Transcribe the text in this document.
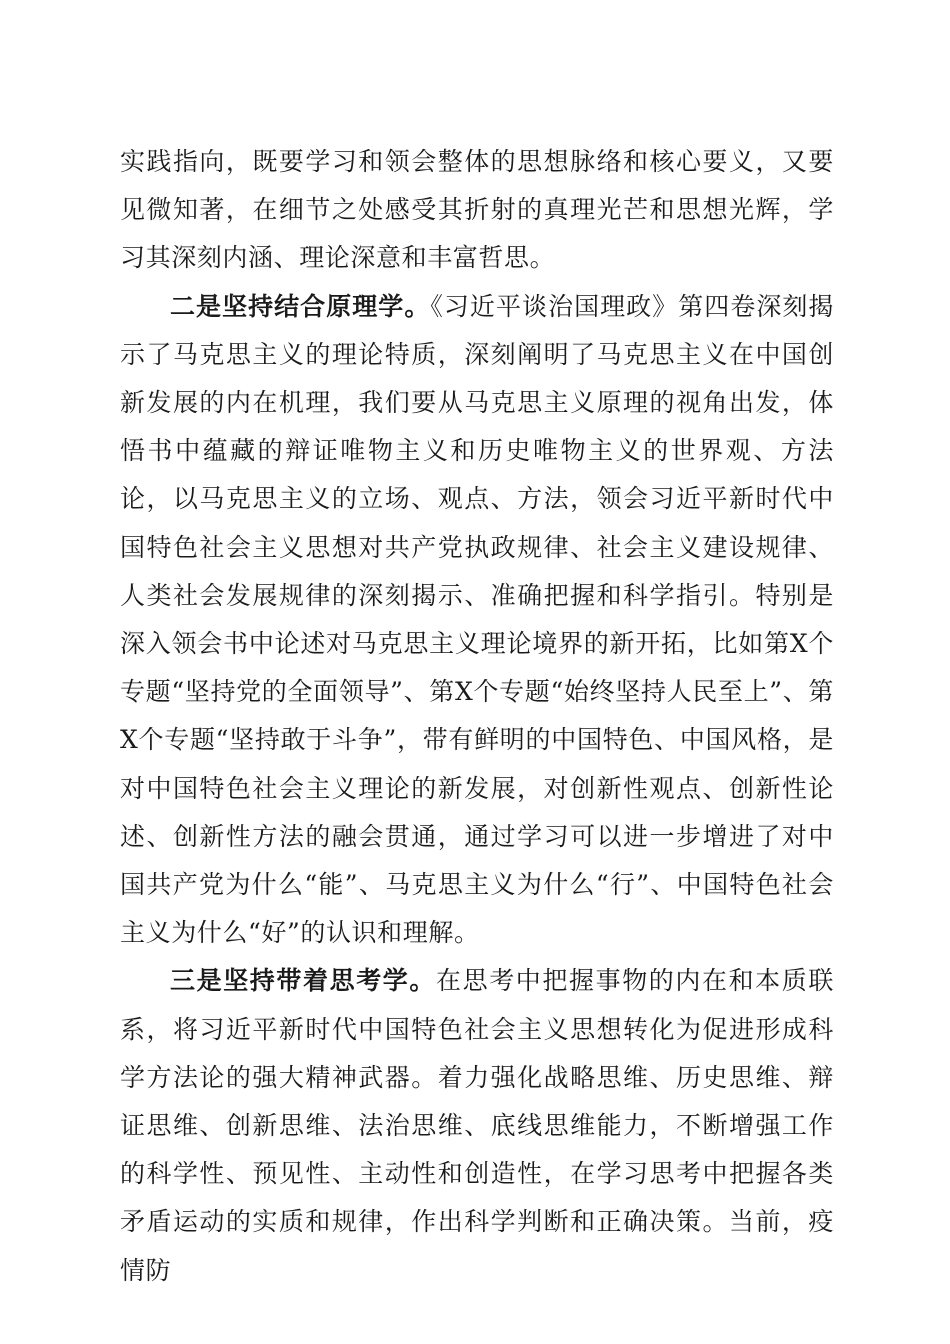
实践指向，既要学习和领会整体的思想脉络和核心要义，又要见微知著，在细节之处感受其折射的真理光芒和思想光辉，学习其深刻内涵、理论深意和丰富哲思。

二是坚持结合原理学。《习近平谈治国理政》第四卷深刻揭示了马克思主义的理论特质，深刻阐明了马克思主义在中国创新发展的内在机理，我们要从马克思主义原理的视角出发，体悟书中蕴藏的辩证唯物主义和历史唯物主义的世界观、方法论，以马克思主义的立场、观点、方法，领会习近平新时代中国特色社会主义思想对共产党执政规律、社会主义建设规律、人类社会发展规律的深刻揭示、准确把握和科学指引。特别是深入领会书中论述对马克思主义理论境界的新开拓，比如第X个专题“坚持党的全面领导”、第X个专题“始终坚持人民至上”、第X个专题“坚持敢于斗争”，带有鲜明的中国特色、中国风格，是对中国特色社会主义理论的新发展，对创新性观点、创新性论述、创新性方法的融会贯通，通过学习可以进一步增进了对中国共产党为什么“能”、马克思主义为什么“行”、中国特色社会主义为什么“好”的认识和理解。

三是坚持带着思考学。在思考中把握事物的内在和本质联系，将习近平新时代中国特色社会主义思想转化为促进形成科学方法论的强大精神武器。着力强化战略思维、历史思维、辩证思维、创新思维、法治思维、底线思维能力，不断增强工作的科学性、预见性、主动性和创造性，在学习思考中把握各类矛盾运动的实质和规律，作出科学判断和正确决策。当前，疫情防
